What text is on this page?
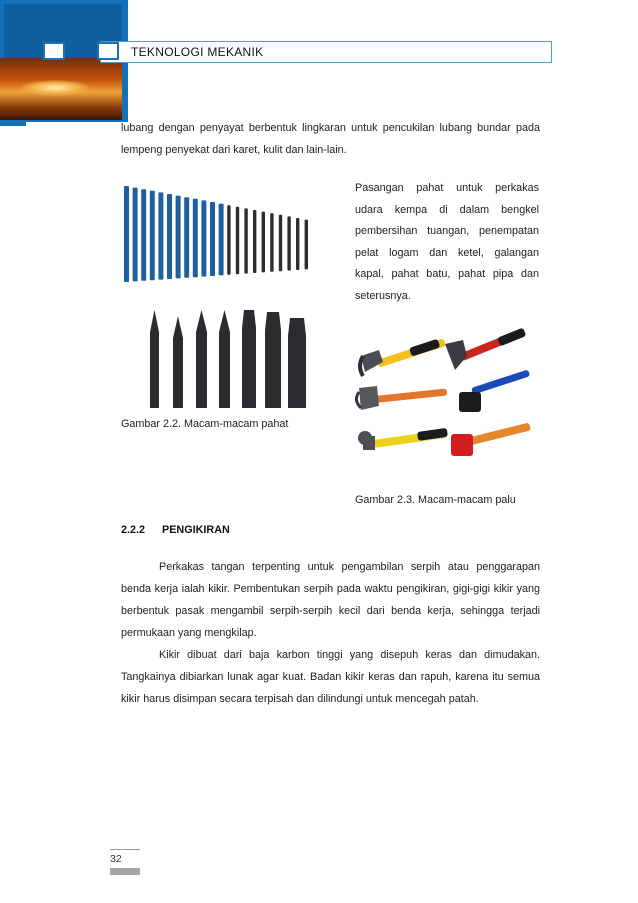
TEKNOLOGI MEKANIK

lubang dengan penyayat berbentuk lingkaran untuk pencukilan lubang bundar pada lempeng penyekat dari karet, kulit dan lain-lain.

Pasangan pahat untuk perkakas udara kempa di dalam bengkel pembersihan tuangan, penempatan pelat logam dan ketel, galangan kapal, pahat batu, pahat pipa dan seterusnya.

Gambar 2.2. Macam-macam pahat
Gambar 2.3. Macam-macam palu
2.2.2 PENGIKIRAN

Perkakas tangan terpenting untuk pengambilan serpih atau penggarapan benda kerja ialah kikir. Pembentukan serpih pada waktu pengikiran, gigi-gigi kikir yang berbentuk pasak mengambil serpih-serpih kecil dari benda kerja, sehingga terjadi permukaan yang mengkilap.

Kikir dibuat dari baja karbon tinggi yang disepuh keras dan dimudakan. Tangkainya dibiarkan lunak agar kuat. Badan kikir keras dan rapuh, karena itu semua kikir harus disimpan secara terpisah dan dilindungi untuk mencegah patah.

32
